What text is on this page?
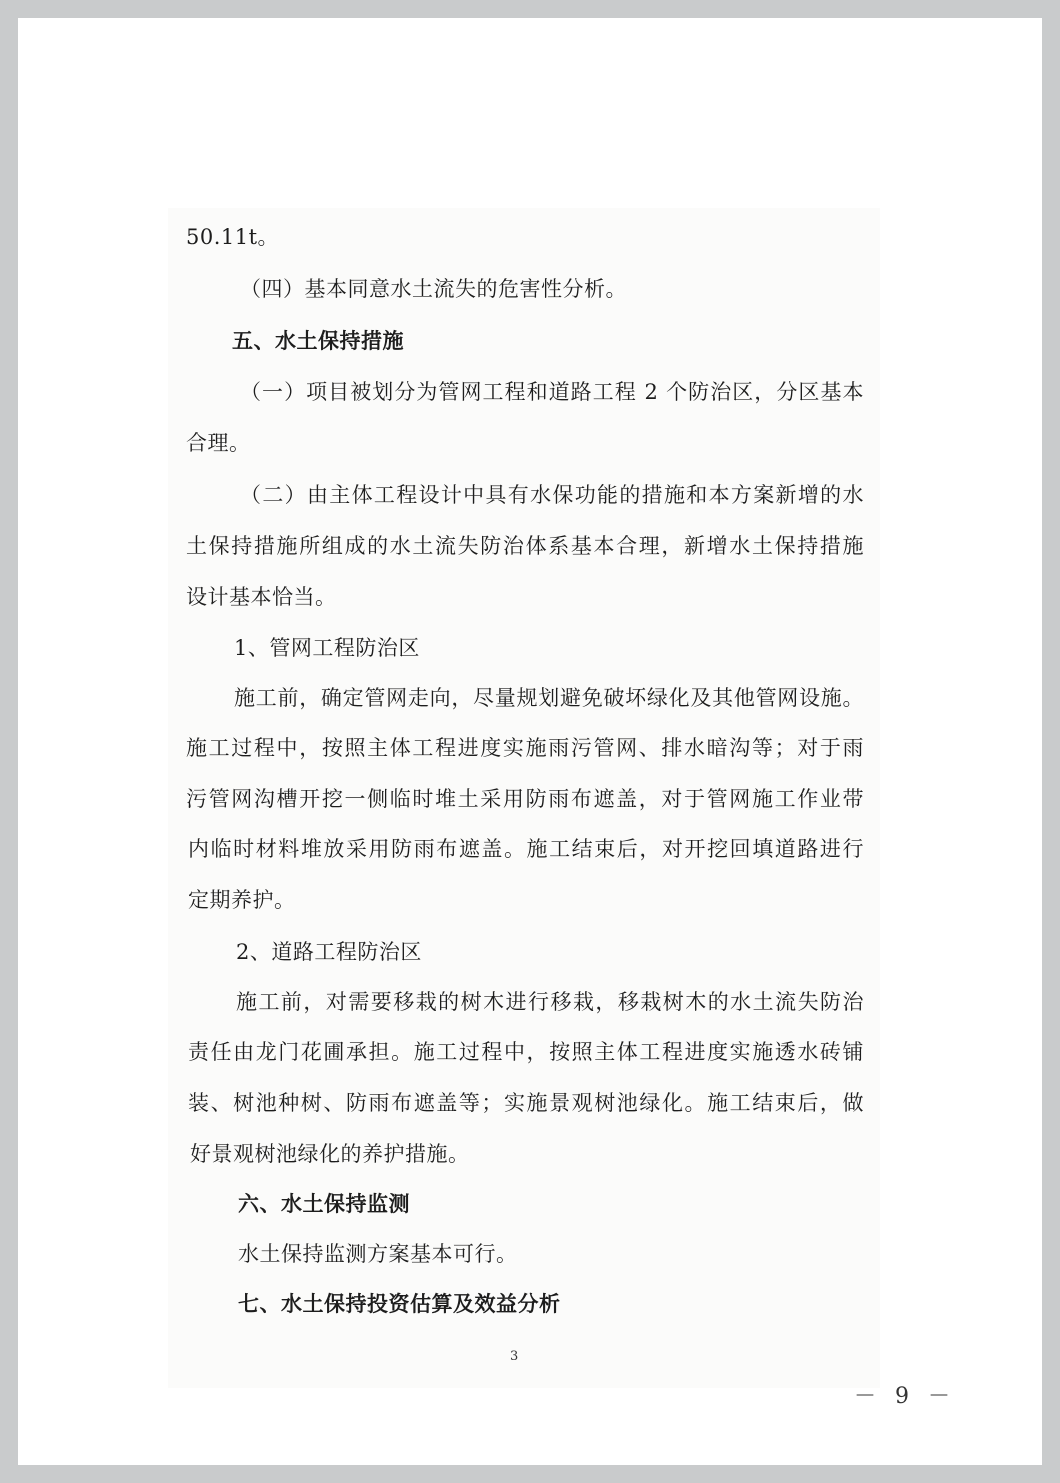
50.11t。

（四）基本同意水土流失的危害性分析。

五、水土保持措施

（一）项目被划分为管网工程和道路工程 2 个防治区，分区基本

合理。

（二）由主体工程设计中具有水保功能的措施和本方案新增的水

土保持措施所组成的水土流失防治体系基本合理，新增水土保持措施

设计基本恰当。

1、管网工程防治区

施工前，确定管网走向，尽量规划避免破坏绿化及其他管网设施。

施工过程中，按照主体工程进度实施雨污管网、排水暗沟等；对于雨

污管网沟槽开挖一侧临时堆土采用防雨布遮盖，对于管网施工作业带

内临时材料堆放采用防雨布遮盖。施工结束后，对开挖回填道路进行

定期养护。

2、道路工程防治区

施工前，对需要移栽的树木进行移栽，移栽树木的水土流失防治

责任由龙门花圃承担。施工过程中，按照主体工程进度实施透水砖铺

装、树池种树、防雨布遮盖等；实施景观树池绿化。施工结束后，做

好景观树池绿化的养护措施。

六、水土保持监测

水土保持监测方案基本可行。

七、水土保持投资估算及效益分析

3
－ 9 －
